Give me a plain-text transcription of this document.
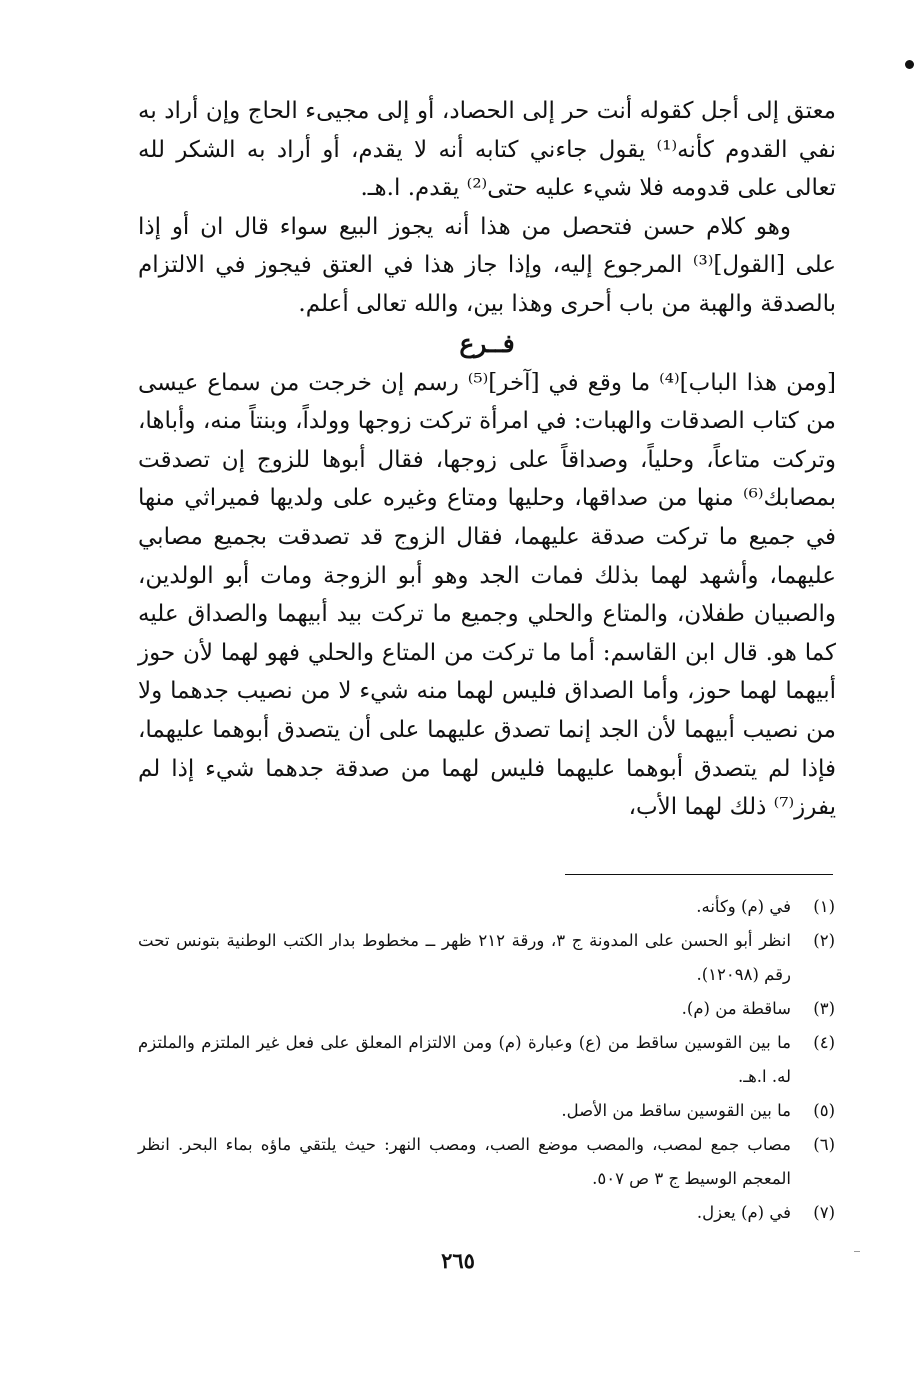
معتق إلى أجل كقوله أنت حر إلى الحصاد، أو إلى مجيىء الحاج وإن أراد به نفي القدوم كأنه⁽¹⁾ يقول جاءني كتابه أنه لا يقدم، أو أراد به الشكر لله تعالى على قدومه فلا شيء عليه حتى⁽²⁾ يقدم. ا.هـ.

وهو كلام حسن فتحصل من هذا أنه يجوز البيع سواء قال ان أو إذا على [القول]⁽³⁾ المرجوع إليه، وإذا جاز هذا في العتق فيجوز في الالتزام بالصدقة والهبة من باب أحرى وهذا بين، والله تعالى أعلم.

فــرع

[ومن هذا الباب]⁽⁴⁾ ما وقع في [آخر]⁽⁵⁾ رسم إن خرجت من سماع عيسى من كتاب الصدقات والهبات: في امرأة تركت زوجها وولداً، وبنتاً منه، وأباها، وتركت متاعاً، وحلياً، وصداقاً على زوجها، فقال أبوها للزوج إن تصدقت بمصابك⁽⁶⁾ منها من صداقها، وحليها ومتاع وغيره على ولديها فميراثي منها في جميع ما تركت صدقة عليهما، فقال الزوج قد تصدقت بجميع مصابي عليهما، وأشهد لهما بذلك فمات الجد وهو أبو الزوجة ومات أبو الولدين، والصبيان طفلان، والمتاع والحلي وجميع ما تركت بيد أبيهما والصداق عليه كما هو. قال ابن القاسم: أما ما تركت من المتاع والحلي فهو لهما لأن حوز أبيهما لهما حوز، وأما الصداق فليس لهما منه شيء لا من نصيب جدهما ولا من نصيب أبيهما لأن الجد إنما تصدق عليهما على أن يتصدق أبوهما عليهما، فإذا لم يتصدق أبوهما عليهما فليس لهما من صدقة جدهما شيء إذا لم يفرز⁽⁷⁾ ذلك لهما الأب،

(١)
في (م) وكأنه.
(٢)
انظر أبو الحسن على المدونة ج ٣، ورقة ٢١٢ ظهر ــ مخطوط بدار الكتب الوطنية بتونس تحت رقم (١٢٠٩٨).
(٣)
ساقطة من (م).
(٤)
ما بين القوسين ساقط من (ع) وعبارة (م) ومن الالتزام المعلق على فعل غير الملتزم والملتزم له. ا.هـ.
(٥)
ما بين القوسين ساقط من الأصل.
(٦)
مصاب جمع لمصب، والمصب موضع الصب، ومصب النهر: حيث يلتقي ماؤه بماء البحر. انظر المعجم الوسيط ج ٣ ص ٥٠٧.
(٧)
في (م) يعزل.
٢٦٥
